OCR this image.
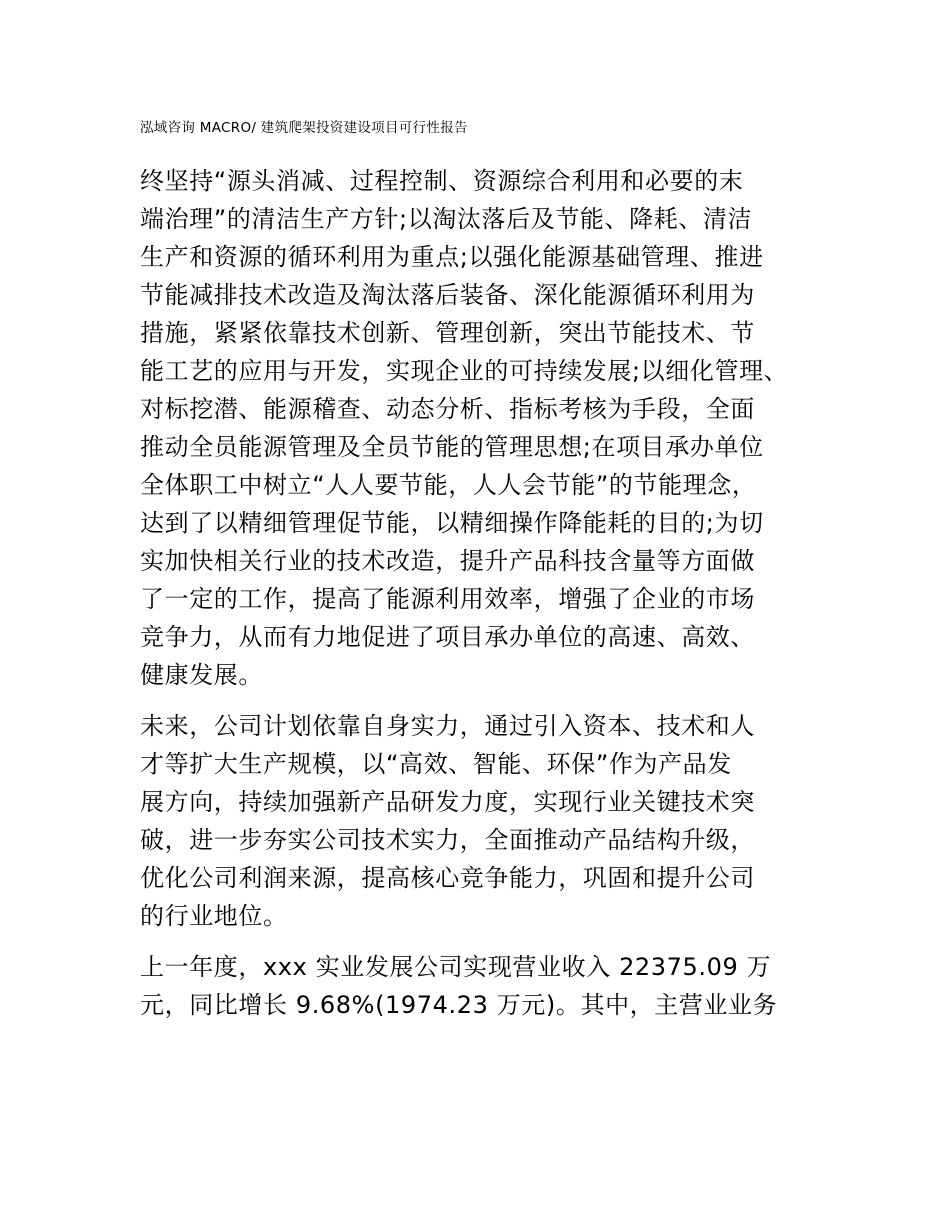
泓域咨询 MACRO/ 建筑爬架投资建设项目可行性报告

终坚持“源头消减、过程控制、资源综合利用和必要的末
端治理”的清洁生产方针;以淘汰落后及节能、降耗、清洁
生产和资源的循环利用为重点;以强化能源基础管理、推进
节能减排技术改造及淘汰落后装备、深化能源循环利用为
措施，紧紧依靠技术创新、管理创新，突出节能技术、节
能工艺的应用与开发，实现企业的可持续发展;以细化管理、
对标挖潜、能源稽查、动态分析、指标考核为手段，全面
推动全员能源管理及全员节能的管理思想;在项目承办单位
全体职工中树立“人人要节能，人人会节能”的节能理念，
达到了以精细管理促节能，以精细操作降能耗的目的;为切
实加快相关行业的技术改造，提升产品科技含量等方面做
了一定的工作，提高了能源利用效率，增强了企业的市场
竞争力，从而有力地促进了项目承办单位的高速、高效、
健康发展。

未来，公司计划依靠自身实力，通过引入资本、技术和人
才等扩大生产规模，以“高效、智能、环保”作为产品发
展方向，持续加强新产品研发力度，实现行业关键技术突
破，进一步夯实公司技术实力，全面推动产品结构升级，
优化公司利润来源，提高核心竞争能力，巩固和提升公司
的行业地位。

上一年度，xxx 实业发展公司实现营业收入 22375.09 万
元，同比增长 9.68%(1974.23 万元)。其中，主营业业务
